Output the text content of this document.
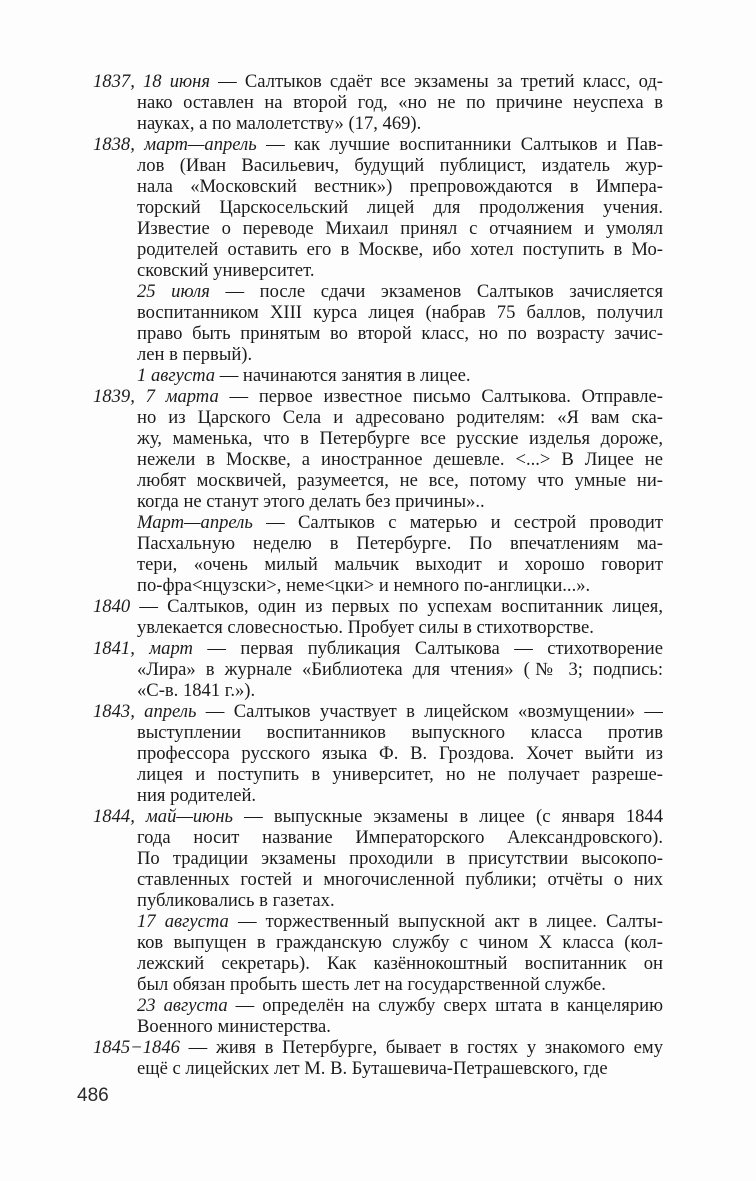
1837, 18 июня — Салтыков сдаёт все экзамены за третий класс, од-
нако оставлен на второй год, «но не по причине неуспеха в
науках, а по малолетству» (17, 469).
1838, март—апрель — как лучшие воспитанники Салтыков и Пав-
лов (Иван Васильевич, будущий публицист, издатель жур-
нала «Московский вестник») препровождаются в Импера-
торский Царскосельский лицей для продолжения учения.
Известие о переводе Михаил принял с отчаянием и умолял
родителей оставить его в Москве, ибо хотел поступить в Мо-
сковский университет.
25 июля — после сдачи экзаменов Салтыков зачисляется
воспитанником XIII курса лицея (набрав 75 баллов, получил
право быть принятым во второй класс, но по возрасту зачис-
лен в первый).
1 августа — начинаются занятия в лицее.
1839, 7 марта — первое известное письмо Салтыкова. Отправле-
но из Царского Села и адресовано родителям: «Я вам ска-
жу, маменька, что в Петербурге все русские изделья дороже,
нежели в Москве, а иностранное дешевле. <...> В Лицее не
любят москвичей, разумеется, не все, потому что умные ни-
когда не станут этого делать без причины»..
Март—апрель — Салтыков с матерью и сестрой проводит
Пасхальную неделю в Петербурге. По впечатлениям ма-
тери, «очень милый мальчик выходит и хорошо говорит
по-фра<нцузски>, неме<цки> и немного по-англицки...».
1840 — Салтыков, один из первых по успехам воспитанник лицея,
увлекается словесностью. Пробует силы в стихотворстве.
1841, март — первая публикация Салтыкова — стихотворение
«Лира» в журнале «Библиотека для чтения» (№ 3; подпись:
«С-в. 1841 г.»).
1843, апрель — Салтыков участвует в лицейском «возмущении» —
выступлении воспитанников выпускного класса против
профессора русского языка Ф. В. Гроздова. Хочет выйти из
лицея и поступить в университет, но не получает разреше-
ния родителей.
1844, май—июнь — выпускные экзамены в лицее (с января 1844
года носит название Императорского Александровского).
По традиции экзамены проходили в присутствии высокопо-
ставленных гостей и многочисленной публики; отчёты о них
публиковались в газетах.
17 августа — торжественный выпускной акт в лицее. Салты-
ков выпущен в гражданскую службу с чином X класса (кол-
лежский секретарь). Как казённокоштный воспитанник он
был обязан пробыть шесть лет на государственной службе.
23 августа — определён на службу сверх штата в канцелярию
Военного министерства.
1845−1846 — живя в Петербурге, бывает в гостях у знакомого ему
ещё с лицейских лет М. В. Буташевича-Петрашевского, где
486
